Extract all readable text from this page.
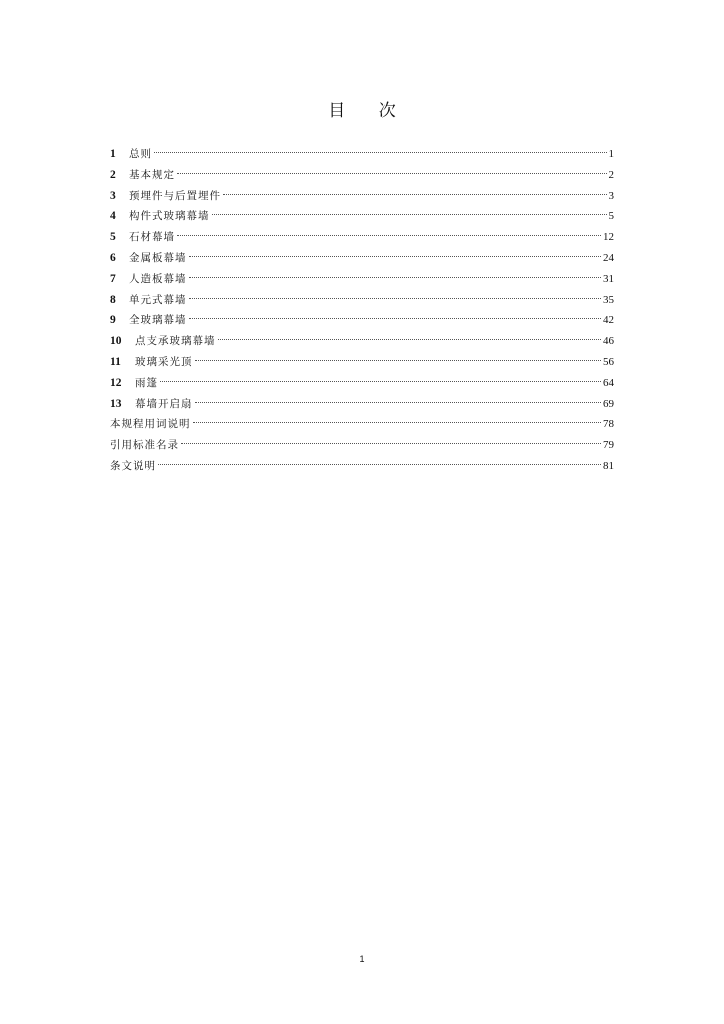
目 次
1	总则	1
2	基本规定	2
3	预埋件与后置埋件	3
4	构件式玻璃幕墙	5
5	石材幕墙	12
6	金属板幕墙	24
7	人造板幕墙	31
8	单元式幕墙	35
9	全玻璃幕墙	42
10	点支承玻璃幕墙	46
11	玻璃采光顶	56
12	雨篷	64
13	幕墙开启扇	69
本规程用词说明	78
引用标准名录	79
条文说明	81
1
